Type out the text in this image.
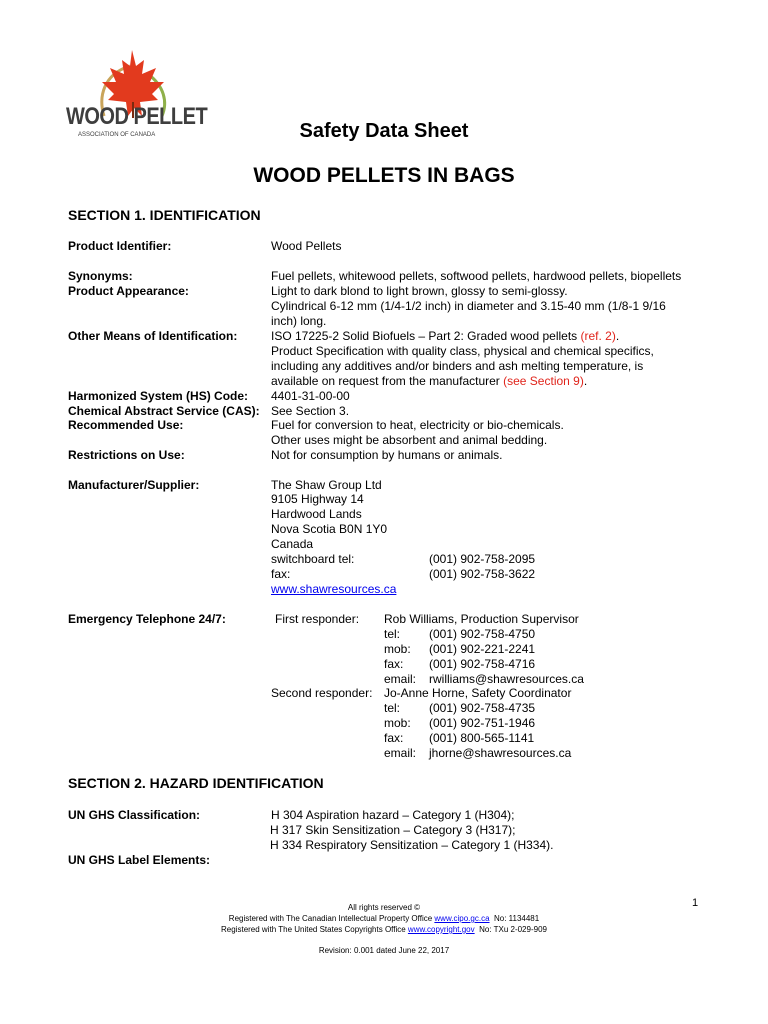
WOOD PELLET
ASSOCIATION OF CANADA	Safety Data Sheet
WOOD PELLETS IN BAGS
SECTION 1. IDENTIFICATION
Product Identifier:	Wood Pellets
Synonyms:	Fuel pellets, whitewood pellets, softwood pellets, hardwood pellets, biopellets
Product Appearance:	Light to dark blond to light brown, glossy to semi-glossy.
Cylindrical 6-12 mm (1/4-1/2 inch) in diameter and 3.15-40 mm (1/8-1 9/16
inch) long.
Other Means of Identification:	ISO 17225-2 Solid Biofuels – Part 2: Graded wood pellets (ref. 2).
Product Specification with quality class, physical and chemical specifics,
including any additives and/or binders and ash melting temperature, is
available on request from the manufacturer (see Section 9).
Harmonized System (HS) Code: 4401-31-00-00
Chemical Abstract Service (CAS): See Section 3.
Recommended Use:	Fuel for conversion to heat, electricity or bio-chemicals.
Other uses might be absorbent and animal bedding.
Restrictions on Use:	Not for consumption by humans or animals.
Manufacturer/Supplier:	The Shaw Group Ltd
9105 Highway 14
Hardwood Lands
Nova Scotia B0N 1Y0
Canada
switchboard tel:	(001) 902-758-2095
fax:	(001) 902-758-3622
www.shawresources.ca
Emergency Telephone 24/7:	First responder: Rob Williams, Production Supervisor
tel: (001) 902-758-4750
mob: (001) 902-221-2241
fax: (001) 902-758-4716
email: rwilliams@shawresources.ca
Second responder: Jo-Anne Horne, Safety Coordinator
tel: (001) 902-758-4735
mob: (001) 902-751-1946
fax: (001) 800-565-1141
email: jhorne@shawresources.ca
SECTION 2. HAZARD IDENTIFICATION
UN GHS Classification:	H 304 Aspiration hazard – Category 1 (H304);
H 317 Skin Sensitization – Category 3 (H317);
H 334 Respiratory Sensitization – Category 1 (H334).
UN GHS Label Elements:
1
All rights reserved ©
Registered with The Canadian Intellectual Property Office www.cipo.gc.ca  No: 1134481
Registered with The United States Copyrights Office www.copyright.gov  No: TXu 2-029-909
Revision: 0.001 dated June 22, 2017
